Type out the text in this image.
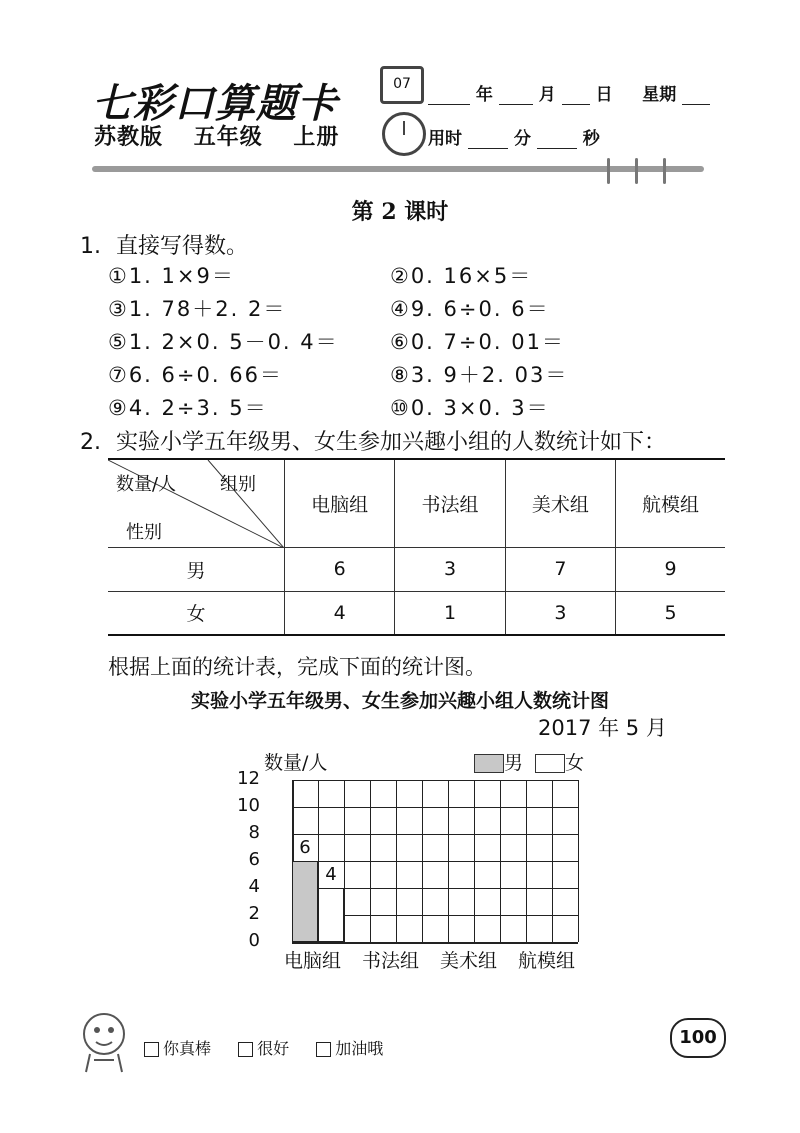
七彩口算题卡
苏教版 五年级 上册
07
年	月 日 星期
用时	分	秒
第 2 课时
1. 直接写得数。
①1. 1×9＝	②0. 16×5＝
③1. 78＋2. 2＝	④9. 6÷0. 6＝
⑤1. 2×0. 5－0. 4＝ ⑥0. 7÷0. 01＝
⑦6. 6÷0. 66＝	⑧3. 9＋2. 03＝
⑨4. 2÷3. 5＝	⑩0. 3×0. 3＝
2. 实验小学五年级男、女生参加兴趣小组的人数统计如下：
数量/人 组别
性别	电脑组	书法组	美术组	航模组
男	6	3	7	9
女	4	1	3	5
根据上面的统计表，完成下面的统计图。
实验小学五年级男、女生参加兴趣小组人数统计图
2017 年 5 月
数量/人	男 女
12
10
8
6
4
2
0
电脑组
6
4
书法组 美术组 航模组
你真棒	很好	加油哦
100
